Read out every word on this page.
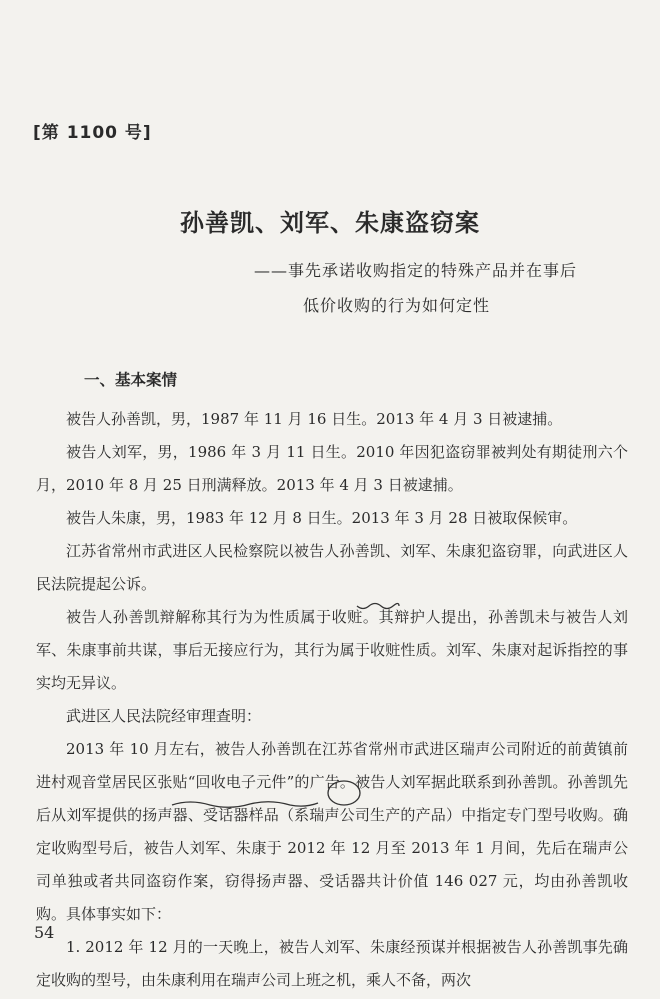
[第 1100 号]
孙善凯、刘军、朱康盗窃案
——事先承诺收购指定的特殊产品并在事后
低价收购的行为如何定性
一、基本案情

被告人孙善凯，男，1987 年 11 月 16 日生。2013 年 4 月 3 日被逮捕。

被告人刘军，男，1986 年 3 月 11 日生。2010 年因犯盗窃罪被判处有期徒刑六个月，2010 年 8 月 25 日刑满释放。2013 年 4 月 3 日被逮捕。

被告人朱康，男，1983 年 12 月 8 日生。2013 年 3 月 28 日被取保候审。

江苏省常州市武进区人民检察院以被告人孙善凯、刘军、朱康犯盗窃罪，向武进区人民法院提起公诉。

被告人孙善凯辩解称其行为为性质属于收赃。其辩护人提出，孙善凯未与被告人刘军、朱康事前共谋，事后无接应行为，其行为属于收赃性质。刘军、朱康对起诉指控的事实均无异议。

武进区人民法院经审理查明：

2013 年 10 月左右，被告人孙善凯在江苏省常州市武进区瑞声公司附近的前黄镇前进村观音堂居民区张贴“回收电子元件”的广告。被告人刘军据此联系到孙善凯。孙善凯先后从刘军提供的扬声器、受话器样品（系瑞声公司生产的产品）中指定专门型号收购。确定收购型号后，被告人刘军、朱康于 2012 年 12 月至 2013 年 1 月间，先后在瑞声公司单独或者共同盗窃作案，窃得扬声器、受话器共计价值 146 027 元，均由孙善凯收购。具体事实如下：

1. 2012 年 12 月的一天晚上，被告人刘军、朱康经预谋并根据被告人孙善凯事先确定收购的型号，由朱康利用在瑞声公司上班之机，乘人不备，两次

54
